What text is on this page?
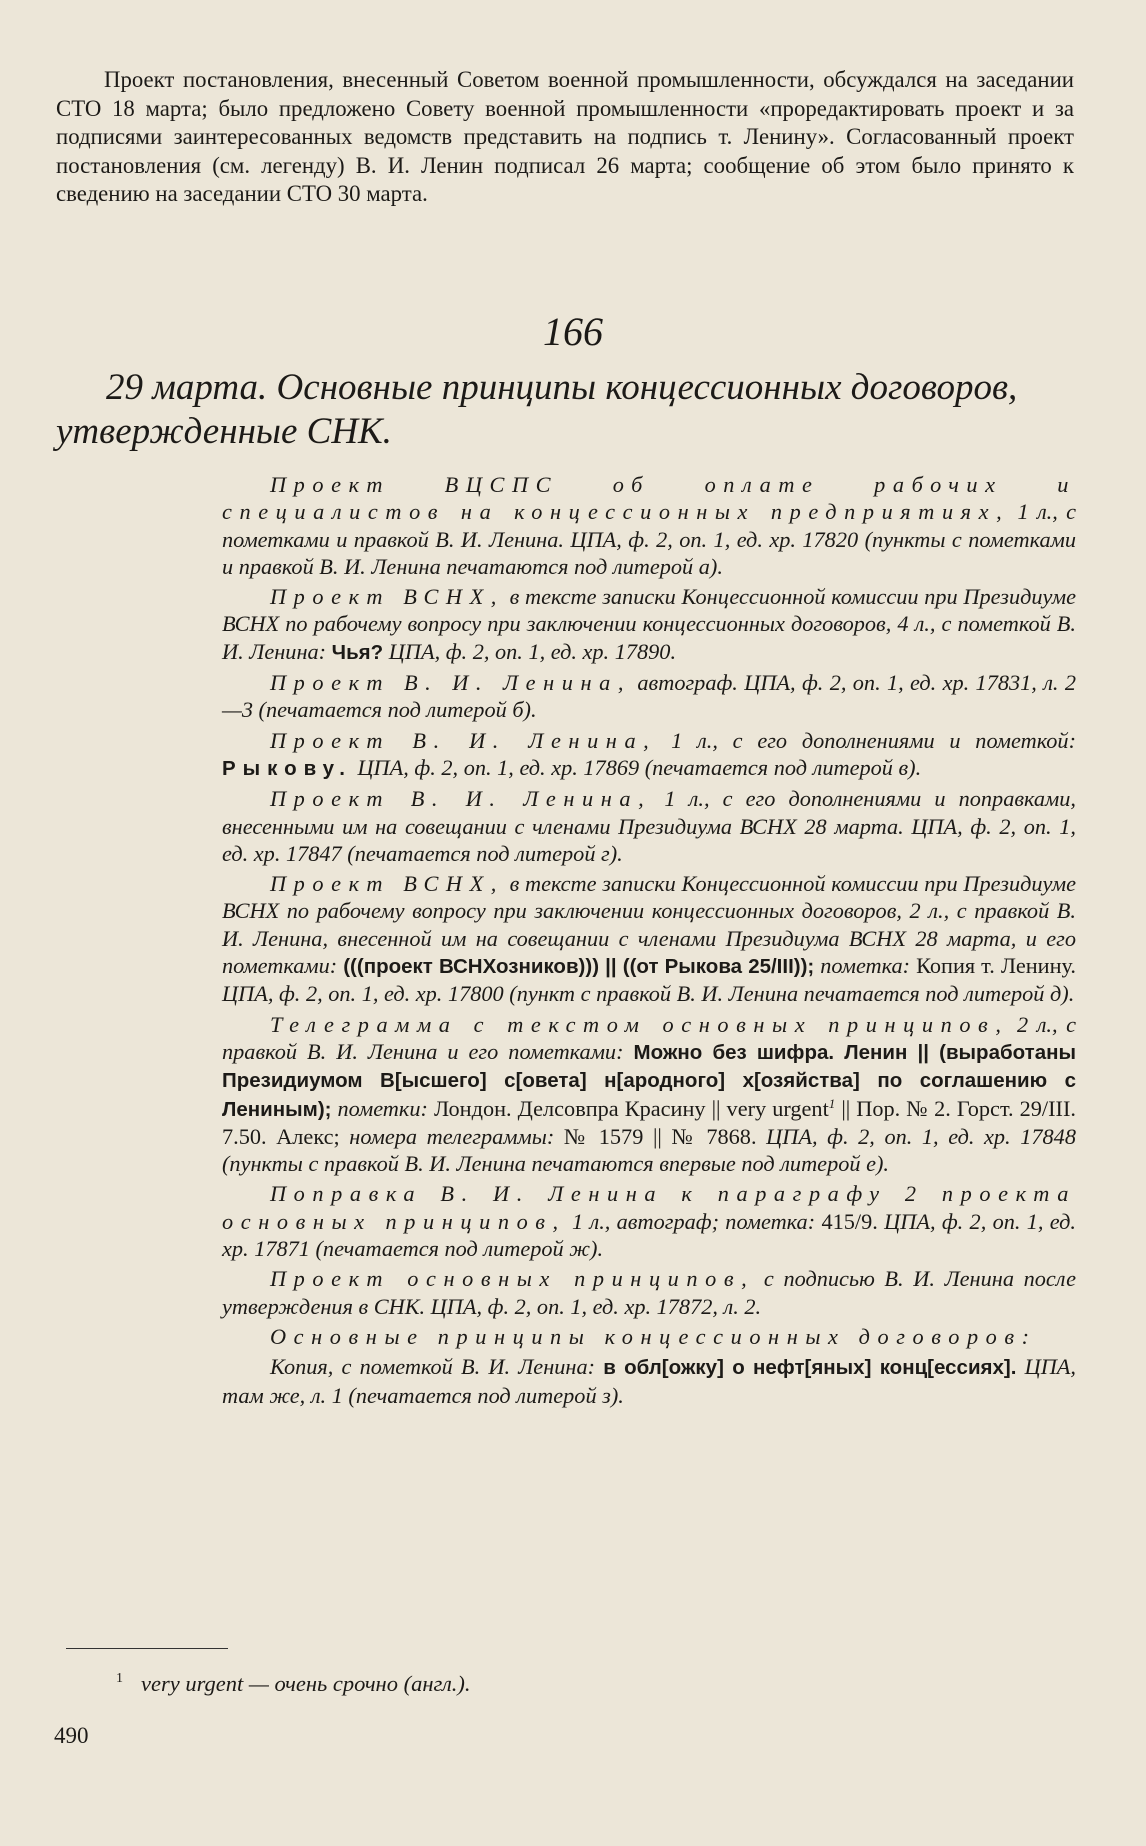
Проект постановления, внесенный Советом военной промышленности, обсуждался на заседании СТО 18 марта; было предложено Совету военной промышленности «проредактировать проект и за подписями заинтересованных ведомств представить на подпись т. Ленину». Согласованный проект постановления (см. легенду) В. И. Ленин подписал 26 марта; сообщение об этом было принято к сведению на заседании СТО 30 марта.

166

29 марта. Основные принципы концессионных договоров, утвержденные СНК.

Проект ВЦСПС об оплате рабочих и специалистов на концессионных предприятиях, 1 л., с пометками и правкой В. И. Ленина. ЦПА, ф. 2, оп. 1, ед. хр. 17820 (пункты с пометками и правкой В. И. Ленина печатаются под литерой а).

Проект ВСНХ, в тексте записки Концессионной комиссии при Президиуме ВСНХ по рабочему вопросу при заключении концессионных договоров, 4 л., с пометкой В. И. Ленина: Чья? ЦПА, ф. 2, оп. 1, ед. хр. 17890.

Проект В. И. Ленина, автограф. ЦПА, ф. 2, оп. 1, ед. хр. 17831, л. 2—3 (печатается под литерой б).

Проект В. И. Ленина, 1 л., с его дополнениями и пометкой: Рыкову. ЦПА, ф. 2, оп. 1, ед. хр. 17869 (печатается под литерой в).

Проект В. И. Ленина, 1 л., с его дополнениями и поправками, внесенными им на совещании с членами Президиума ВСНХ 28 марта. ЦПА, ф. 2, оп. 1, ед. хр. 17847 (печатается под литерой г).

Проект ВСНХ, в тексте записки Концессионной комиссии при Президиуме ВСНХ по рабочему вопросу при заключении концессионных договоров, 2 л., с правкой В. И. Ленина, внесенной им на совещании с членами Президиума ВСНХ 28 марта, и его пометками: (((проект ВСНХозников))) || ((от Рыкова 25/III)); пометка: Копия т. Ленину. ЦПА, ф. 2, оп. 1, ед. хр. 17800 (пункт с правкой В. И. Ленина печатается под литерой д).

Телеграмма с текстом основных принципов, 2 л., с правкой В. И. Ленина и его пометками: Можно без шифра. Ленин || (выработаны Президиумом В[ысшего] с[овета] н[ародного] х[озяйства] по соглашению с Лениным); пометки: Лондон. Делсовпра Красину || very urgent$^1$ || Пор. № 2. Горст. 29/III. 7.50. Алекс; номера телеграммы: № 1579 || № 7868. ЦПА, ф. 2, оп. 1, ед. хр. 17848 (пункты с правкой В. И. Ленина печатаются впервые под литерой е).

Поправка В. И. Ленина к параграфу 2 проекта основных принципов, 1 л., автограф; пометка: 415/9. ЦПА, ф. 2, оп. 1, ед. хр. 17871 (печатается под литерой ж).

Проект основных принципов, с подписью В. И. Ленина после утверждения в СНК. ЦПА, ф. 2, оп. 1, ед. хр. 17872, л. 2.

Основные принципы концессионных договоров:

Копия, с пометкой В. И. Ленина: в обл[ожку] о нефт[яных] конц[ессиях]. ЦПА, там же, л. 1 (печатается под литерой з).

$^1$ very urgent — очень срочно (англ.).

490
